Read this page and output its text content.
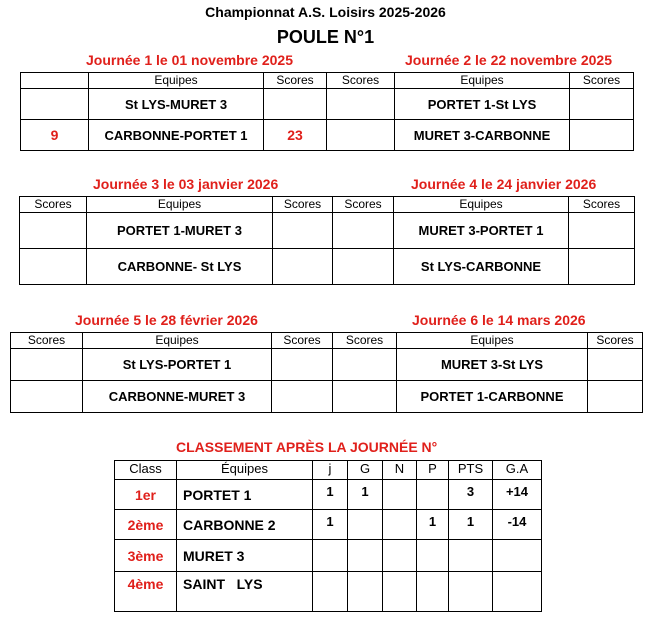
Championnat A.S. Loisirs 2025-2026
POULE N°1
Journée 1 le 01 novembre 2025	Journée 2 le 22 novembre 2025
	Equipes	Scores	Scores	Equipes	Scores
	St LYS-MURET 3			PORTET 1-St LYS	
9	CARBONNE-PORTET 1	23		MURET 3-CARBONNE	
Journée 3 le 03 janvier 2026	Journée 4 le 24 janvier 2026
Scores	Equipes	Scores	Scores	Equipes	Scores
	PORTET 1-MURET 3			MURET 3-PORTET 1	
	CARBONNE- St LYS			St LYS-CARBONNE	
Journée 5 le 28 février 2026	Journée 6 le 14 mars 2026
Scores	Equipes	Scores	Scores	Equipes	Scores
	St LYS-PORTET 1			MURET 3-St LYS	
	CARBONNE-MURET 3			PORTET 1-CARBONNE	
CLASSEMENT APRÈS LA JOURNÉE N°
Class	Équipes	j	G	N	P	PTS	G.A
1er	PORTET 1	1	1			3	+14
2ème	CARBONNE 2	1			1	1	-14
3ème	MURET 3						
4ème	SAINT   LYS						
